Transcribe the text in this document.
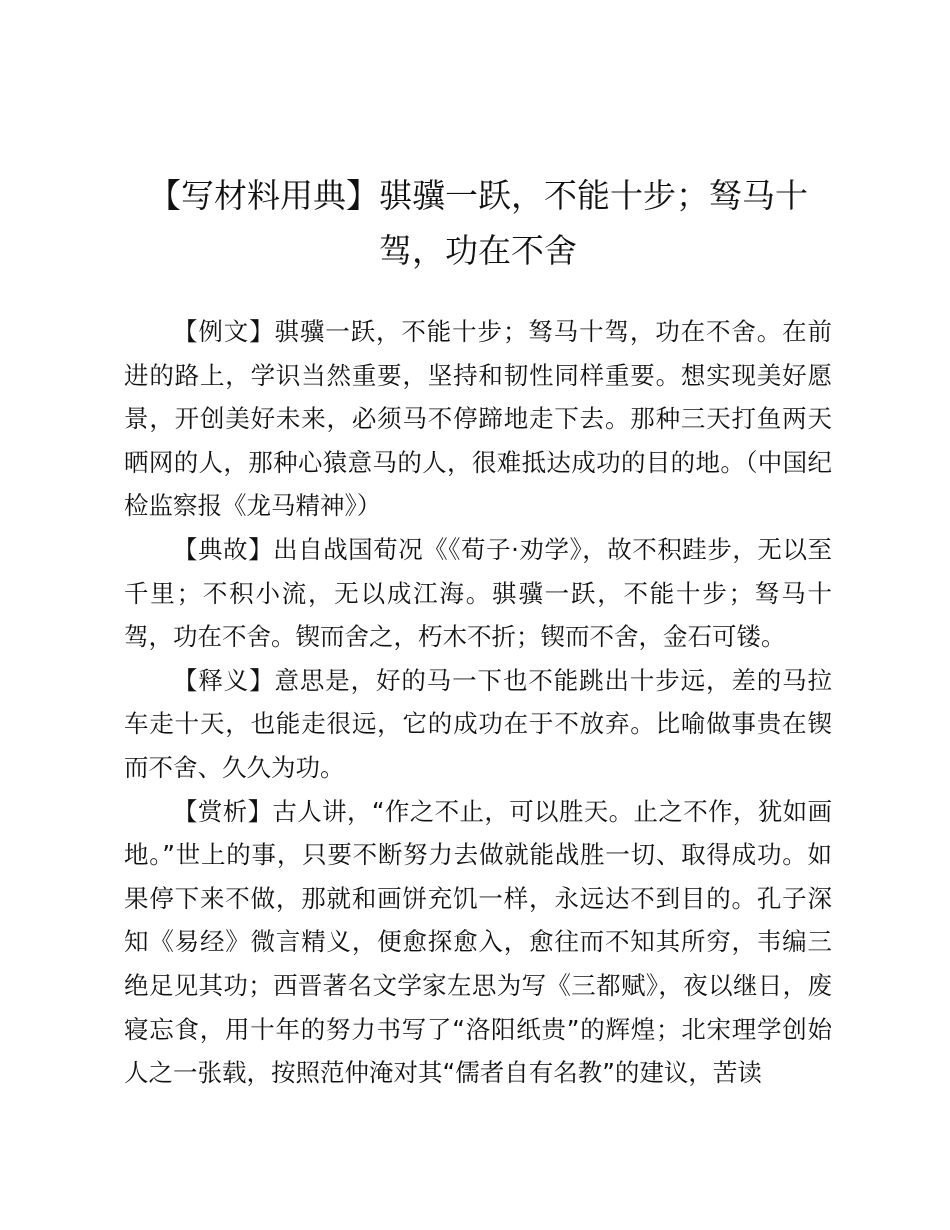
【写材料用典】骐骥一跃，不能十步；驽马十驾，功在不舍

【例文】骐骥一跃，不能十步；驽马十驾，功在不舍。在前进的路上，学识当然重要，坚持和韧性同样重要。想实现美好愿景，开创美好未来，必须马不停蹄地走下去。那种三天打鱼两天晒网的人，那种心猿意马的人，很难抵达成功的目的地。（中国纪检监察报《龙马精神》）

【典故】出自战国荀况《《荀子·劝学》，故不积跬步，无以至千里；不积小流，无以成江海。骐骥一跃，不能十步；驽马十驾，功在不舍。锲而舍之，朽木不折；锲而不舍，金石可镂。

【释义】意思是，好的马一下也不能跳出十步远，差的马拉车走十天，也能走很远，它的成功在于不放弃。比喻做事贵在锲而不舍、久久为功。

【赏析】古人讲，“作之不止，可以胜天。止之不作，犹如画地。”世上的事，只要不断努力去做就能战胜一切、取得成功。如果停下来不做，那就和画饼充饥一样，永远达不到目的。孔子深知《易经》微言精义，便愈探愈入，愈往而不知其所穷，韦编三绝足见其功；西晋著名文学家左思为写《三都赋》，夜以继日，废寝忘食，用十年的努力书写了“洛阳纸贵”的辉煌；北宋理学创始人之一张载，按照范仲淹对其“儒者自有名教”的建议，苦读
